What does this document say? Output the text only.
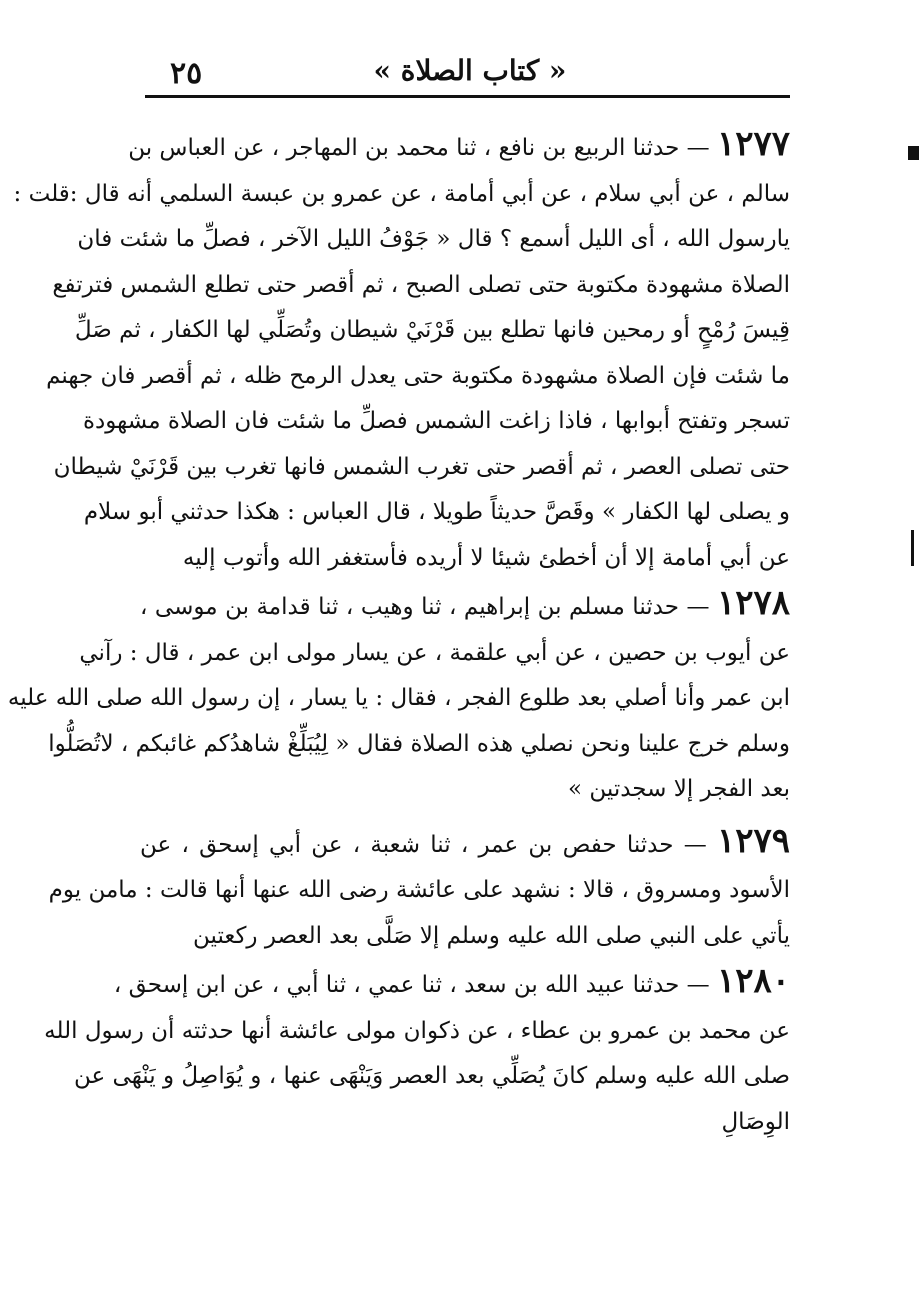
٢٥	« كتاب الصلاة »
١٢٧٧ — حدثنا الربيع بن نافع ، ثنا محمد بن المهاجر ، عن العباس بن
سالم ، عن أبي سلام ، عن أبي أمامة ، عن عمرو بن عبسة السلمي أنه قال :قلت :
يارسول الله ، أى الليل أسمع ؟ قال « جَوْفُ الليل الآخر ، فصلِّ ما شئت فان
الصلاة مشهودة مكتوبة حتى تصلى الصبح ، ثم أقصر حتى تطلع الشمس فترتفع
قِيسَ رُمْحٍ أو رمحين فانها تطلع بين قَرْنَيْ شيطان وتُصَلِّي لها الكفار ، ثم صَلِّ
ما شئت فإن الصلاة مشهودة مكتوبة حتى يعدل الرمح ظله ، ثم أقصر فان جهنم
تسجر وتفتح أبوابها ، فاذا زاغت الشمس فصلِّ ما شئت فان الصلاة مشهودة
حتى تصلى العصر ، ثم أقصر حتى تغرب الشمس فانها تغرب بين قَرْنَيْ شيطان
و يصلى لها الكفار » وقَصَّ حديثاً طويلا ، قال العباس : هكذا حدثني أبو سلام
عن أبي أمامة إلا أن أخطئ شيئا لا أريده فأستغفر الله وأتوب إليه
١٢٧٨ — حدثنا مسلم بن إبراهيم ، ثنا وهيب ، ثنا قدامة بن موسى ،
عن أيوب بن حصين ، عن أبي علقمة ، عن يسار مولى ابن عمر ، قال : رآني
ابن عمر وأنا أصلي بعد طلوع الفجر ، فقال : يا يسار ، إن رسول الله صلى الله عليه
وسلم خرج علينا ونحن نصلي هذه الصلاة فقال « لِيُبَلِّغْ شاهدُكم غائبكم ، لاتُصَلُّوا
بعد الفجر إلا سجدتين »
١٢٧٩ — حدثنا حفص بن عمر ، ثنا شعبة ، عن أبي إسحق ، عن
الأسود ومسروق ، قالا : نشهد على عائشة رضى الله عنها أنها قالت : مامن يوم
يأتي على النبي صلى الله عليه وسلم إلا صَلَّى بعد العصر ركعتين
١٢٨٠ — حدثنا عبيد الله بن سعد ، ثنا عمي ، ثنا أبي ، عن ابن إسحق ،
عن محمد بن عمرو بن عطاء ، عن ذكوان مولى عائشة أنها حدثته أن رسول الله
صلى الله عليه وسلم كانَ يُصَلِّي بعد العصر وَيَنْهَى عنها ، و يُوَاصِلُ و يَنْهَى عن
الوِصَالِ
